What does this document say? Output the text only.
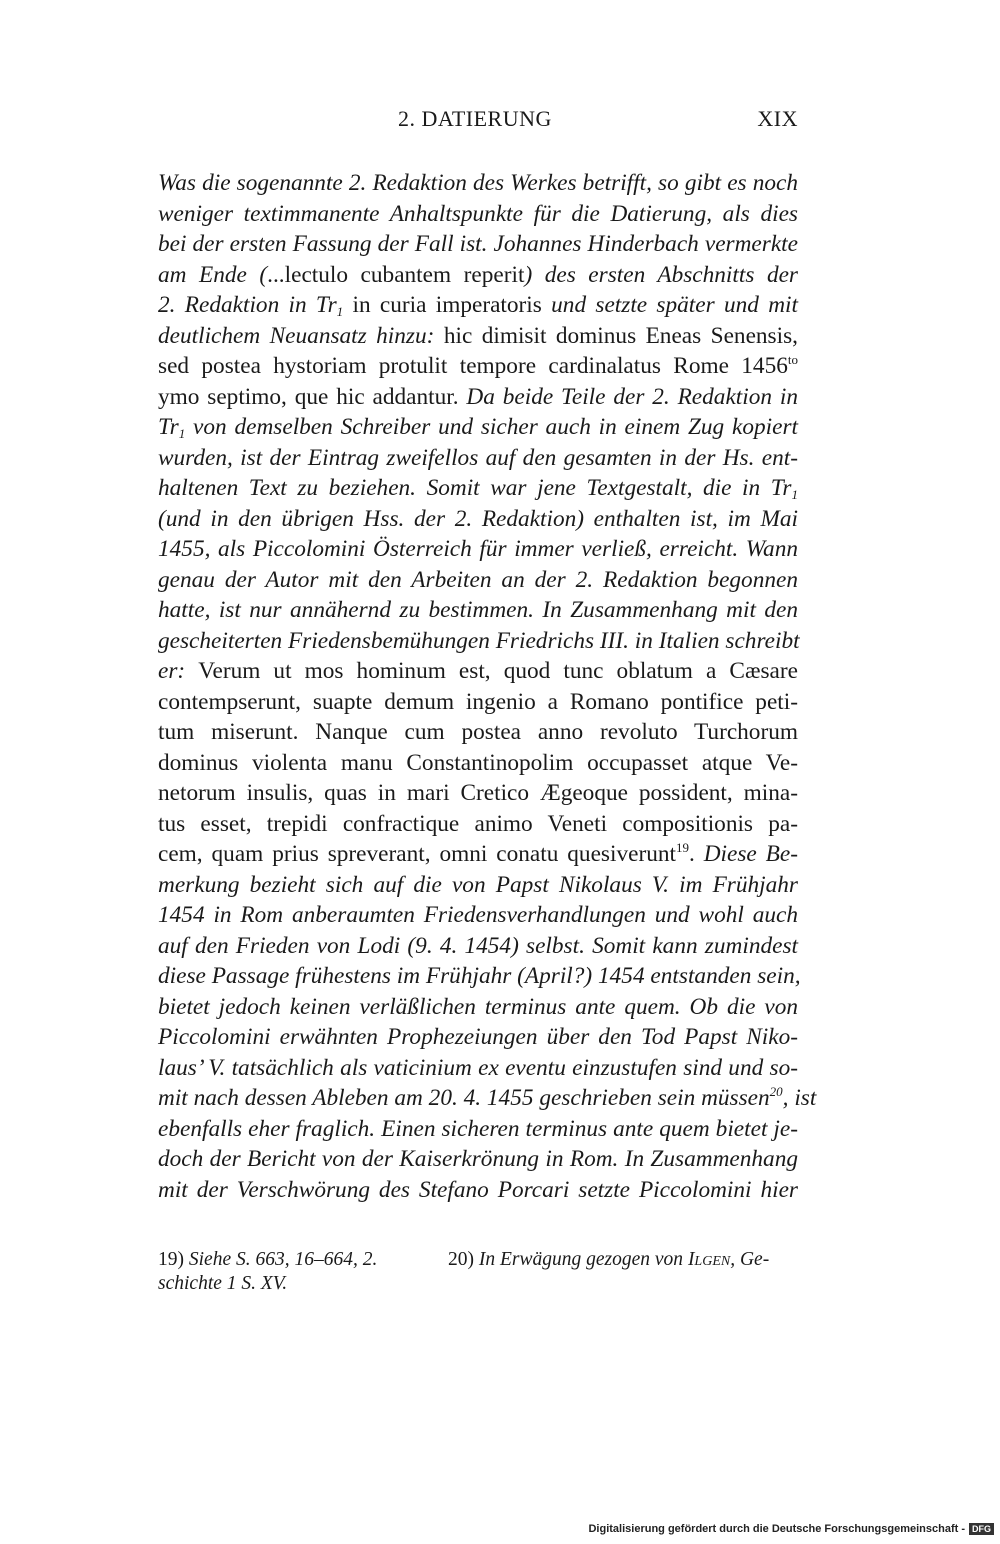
2. DATIERUNG	XIX
Was die sogenannte 2. Redaktion des Werkes betrifft, so gibt es noch
weniger textimmanente Anhaltspunkte für die Datierung, als dies
bei der ersten Fassung der Fall ist. Johannes Hinderbach vermerkte
am Ende (...lectulo cubantem reperit) des ersten Abschnitts der
2. Redaktion in $Tr_1$ in curia imperatoris und setzte später und mit
deutlichem Neuansatz hinzu: hic dimisit dominus Eneas Senensis,
sed postea hystoriam protulit tempore cardinalatus Rome $1456^{to}$
ymo septimo, que hic addantur. Da beide Teile der 2. Redaktion in
$Tr_1$ von demselben Schreiber und sicher auch in einem Zug kopiert
wurden, ist der Eintrag zweifellos auf den gesamten in der Hs. ent-
haltenen Text zu beziehen. Somit war jene Textgestalt, die in $Tr_1$
(und in den übrigen Hss. der 2. Redaktion) enthalten ist, im Mai
1455, als Piccolomini Österreich für immer verließ, erreicht. Wann
genau der Autor mit den Arbeiten an der 2. Redaktion begonnen
hatte, ist nur annähernd zu bestimmen. In Zusammenhang mit den
gescheiterten Friedensbemühungen Friedrichs III. in Italien schreibt
er: Verum ut mos hominum est, quod tunc oblatum a Cæsare
contempserunt, suapte demum ingenio a Romano pontifice peti-
tum miserunt. Nanque cum postea anno revoluto Turchorum
dominus violenta manu Constantinopolim occupasset atque Ve-
netorum insulis, quas in mari Cretico Ægeoque possident, mina-
tus esset, trepidi confractique animo Veneti compositionis pa-
cem, quam prius spreverant, omni conatu quesiverunt$^{19}$. Diese Be-
merkung bezieht sich auf die von Papst Nikolaus V. im Frühjahr
1454 in Rom anberaumten Friedensverhandlungen und wohl auch
auf den Frieden von Lodi (9. 4. 1454) selbst. Somit kann zumindest
diese Passage frühestens im Frühjahr (April?) 1454 entstanden sein,
bietet jedoch keinen verläßlichen terminus ante quem. Ob die von
Piccolomini erwähnten Prophezeiungen über den Tod Papst Niko-
laus’ V. tatsächlich als vaticinium ex eventu einzustufen sind und so-
mit nach dessen Ableben am 20. 4. 1455 geschrieben sein müssen$^{20}$, ist
ebenfalls eher fraglich. Einen sicheren terminus ante quem bietet je-
doch der Bericht von der Kaiserkrönung in Rom. In Zusammenhang
mit der Verschwörung des Stefano Porcari setzte Piccolomini hier
19) Siehe S. 663, 16–664, 2.
schichte 1 S. XV.
20) In Erwägung gezogen von Ilgen, Ge-
Digitalisierung gefördert durch die Deutsche Forschungsgemeinschaft - DFG
